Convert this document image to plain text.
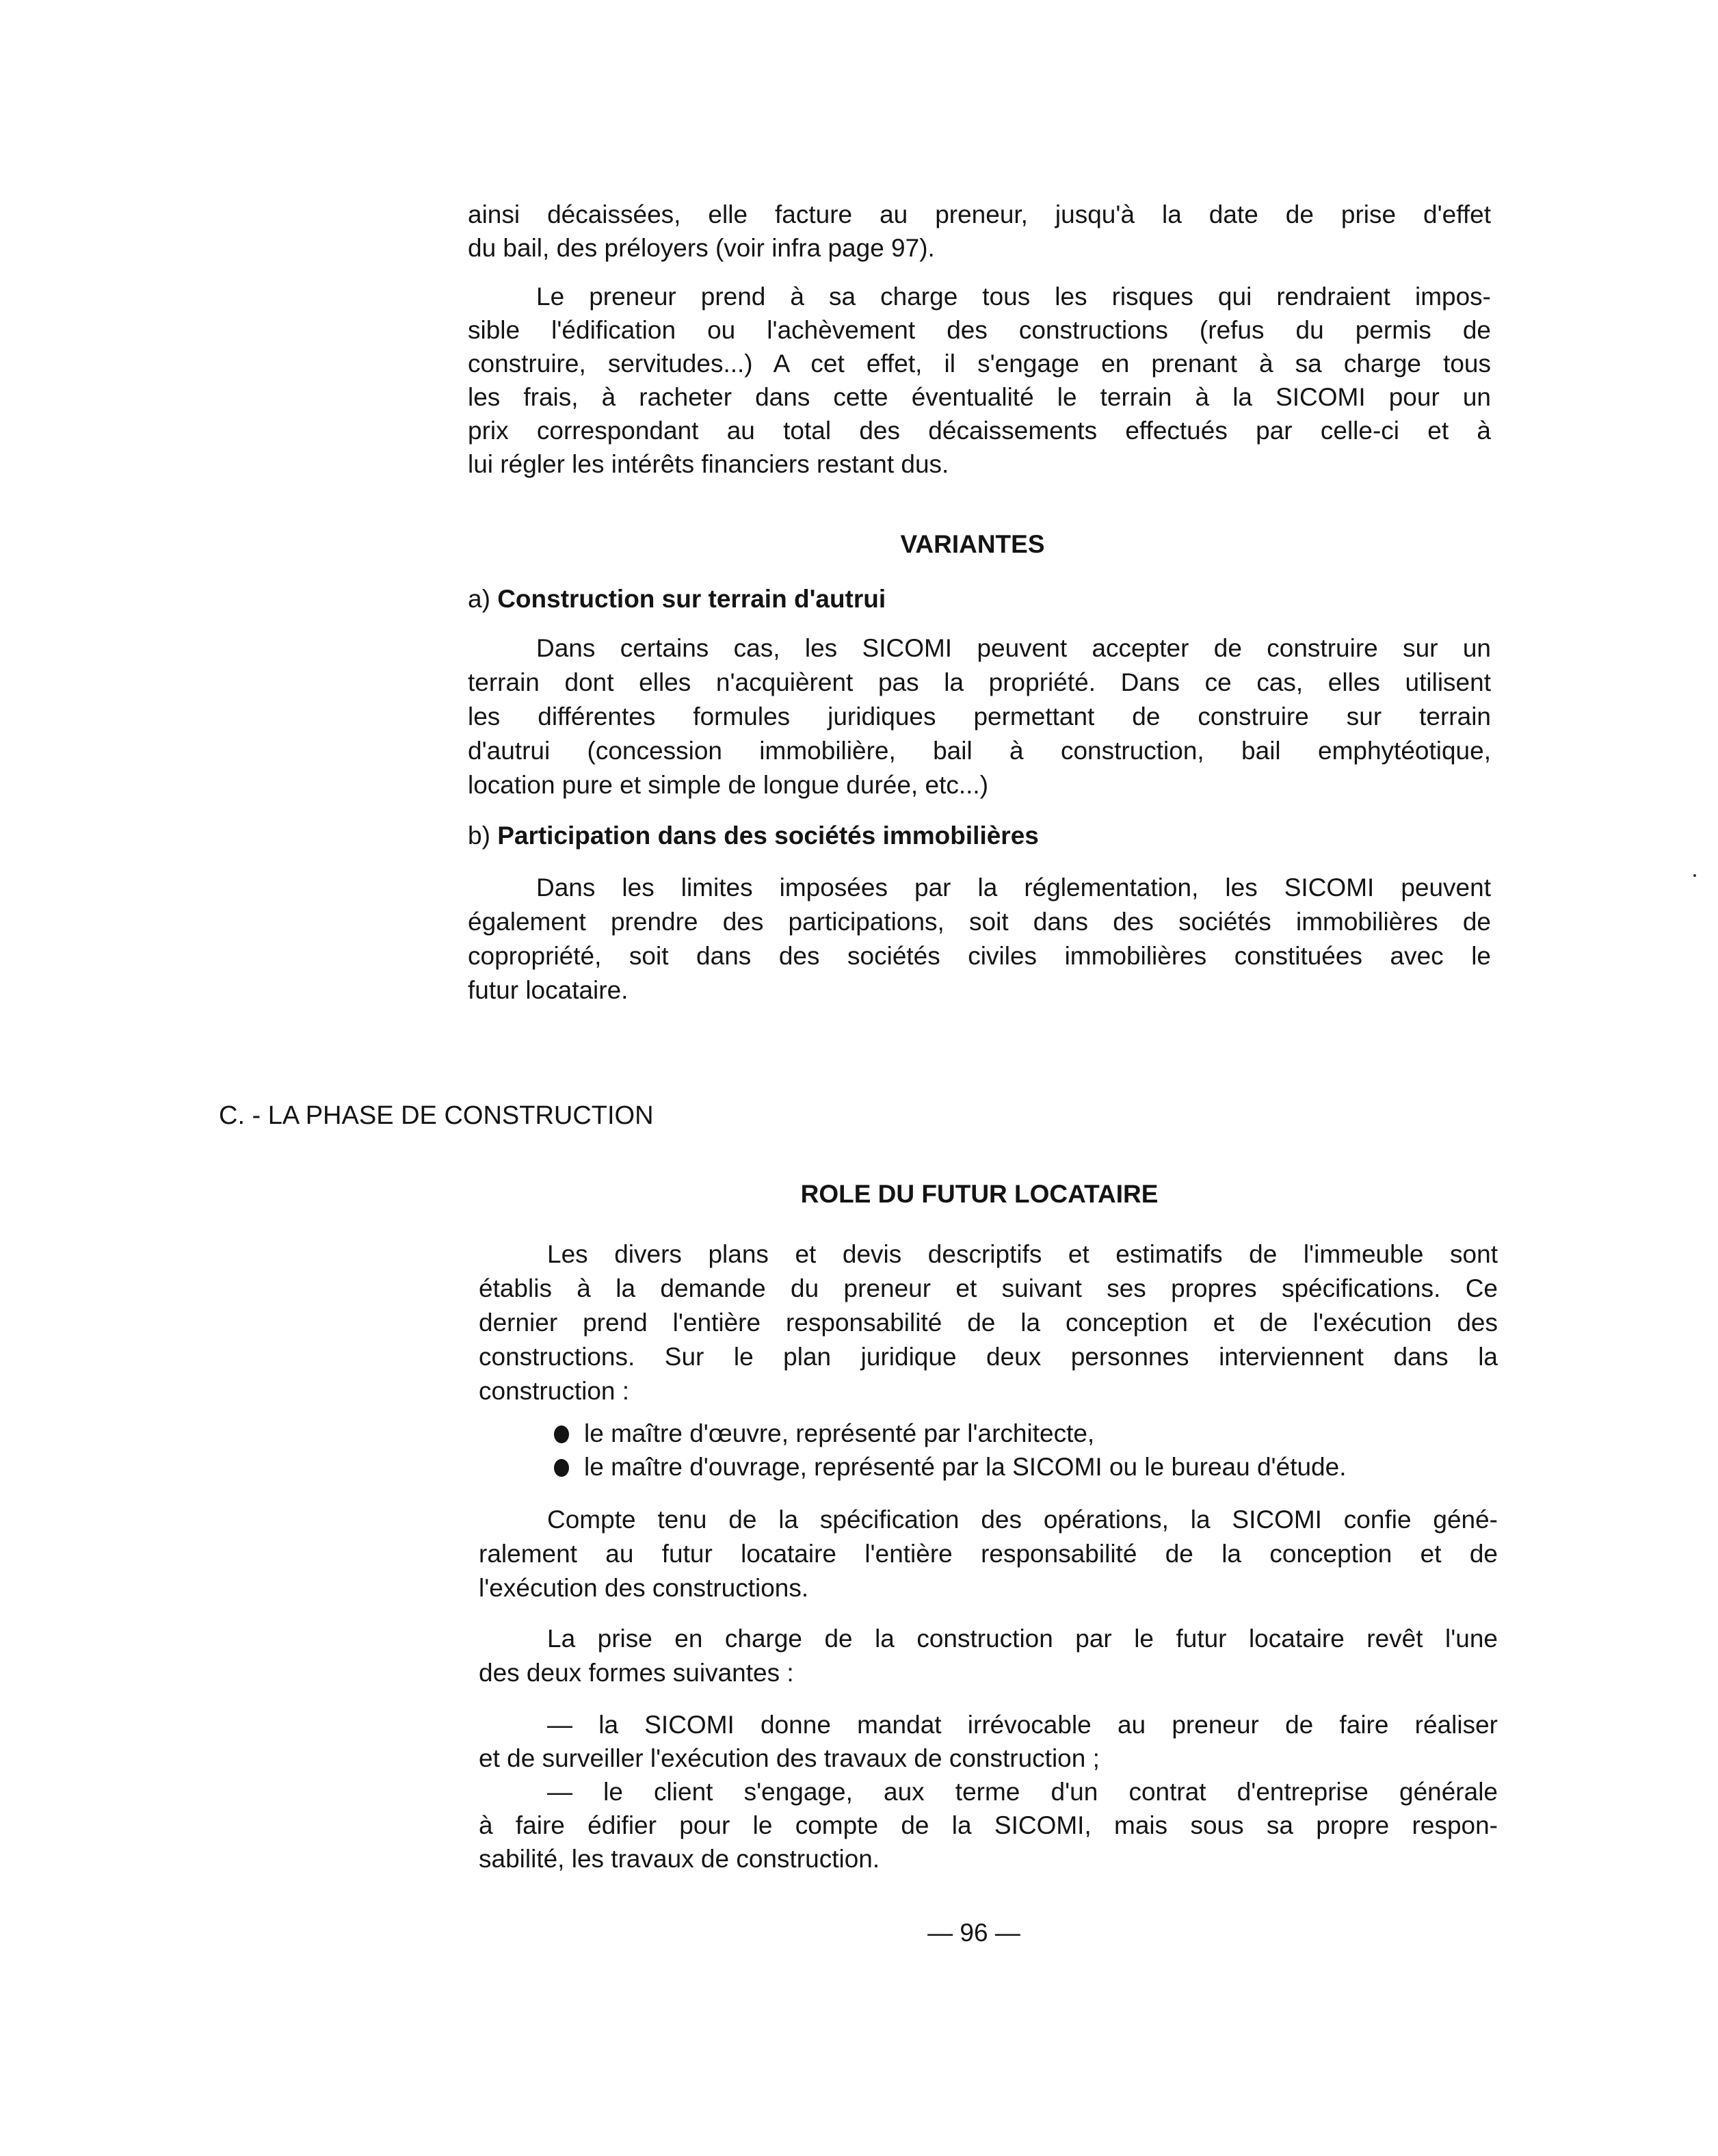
ainsi décaissées, elle facture au preneur, jusqu'à la date de prise d'effet
du bail, des préloyers (voir infra page 97).
Le preneur prend à sa charge tous les risques qui rendraient impos-
sible l'édification ou l'achèvement des constructions (refus du permis de
construire, servitudes...) A cet effet, il s'engage en prenant à sa charge tous
les frais, à racheter dans cette éventualité le terrain à la SICOMI pour un
prix correspondant au total des décaissements effectués par celle-ci et à
lui régler les intérêts financiers restant dus.
VARIANTES
a) Construction sur terrain d'autrui
Dans certains cas, les SICOMI peuvent accepter de construire sur un
terrain dont elles n'acquièrent pas la propriété. Dans ce cas, elles utilisent
les différentes formules juridiques permettant de construire sur terrain
d'autrui (concession immobilière, bail à construction, bail emphytéotique,
location pure et simple de longue durée, etc...)
b) Participation dans des sociétés immobilières
Dans les limites imposées par la réglementation, les SICOMI peuvent
également prendre des participations, soit dans des sociétés immobilières de
copropriété, soit dans des sociétés civiles immobilières constituées avec le
futur locataire.
C. - LA PHASE DE CONSTRUCTION
ROLE DU FUTUR LOCATAIRE
Les divers plans et devis descriptifs et estimatifs de l'immeuble sont
établis à la demande du preneur et suivant ses propres spécifications. Ce
dernier prend l'entière responsabilité de la conception et de l'exécution des
constructions. Sur le plan juridique deux personnes interviennent dans la
construction :
le maître d'œuvre, représenté par l'architecte,
le maître d'ouvrage, représenté par la SICOMI ou le bureau d'étude.
Compte tenu de la spécification des opérations, la SICOMI confie géné-
ralement au futur locataire l'entière responsabilité de la conception et de
l'exécution des constructions.
La prise en charge de la construction par le futur locataire revêt l'une
des deux formes suivantes :
— la SICOMI donne mandat irrévocable au preneur de faire réaliser
et de surveiller l'exécution des travaux de construction ;
— le client s'engage, aux terme d'un contrat d'entreprise générale
à faire édifier pour le compte de la SICOMI, mais sous sa propre respon-
sabilité, les travaux de construction.
— 96 —
